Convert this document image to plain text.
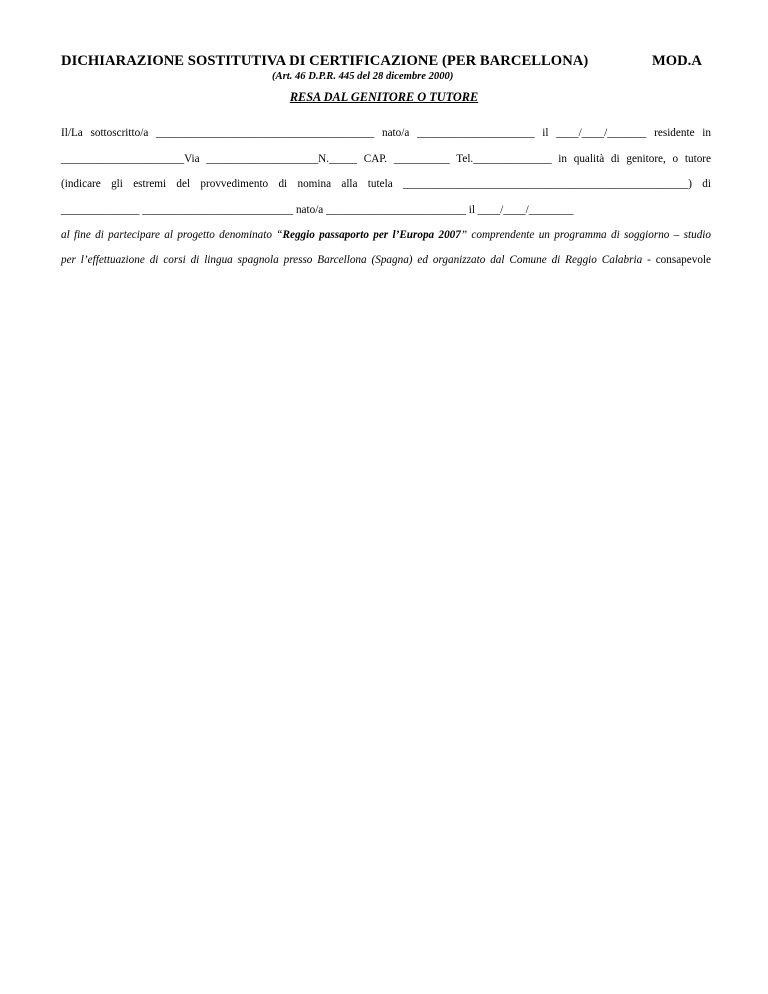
DICHIARAZIONE SOSTITUTIVA DI CERTIFICAZIONE (PER BARCELLONA)	MOD.A
(Art. 46 D.P.R. 445 del 28 dicembre 2000)
RESA DAL GENITORE O TUTORE
Il/La sottoscritto/a _______________________________________ nato/a _____________________ il ____/____/_______ residente in
______________________Via ____________________N._____ CAP. __________ Tel.______________ in qualità di genitore, o tutore
(indicare gli estremi del provvedimento di nomina alla tutela ___________________________________________________) di
______________ ___________________________ nato/a _________________________ il ____/____/________
al fine di partecipare al progetto denominato “Reggio passaporto per l’Europa 2007” comprendente un programma di soggiorno – studio
per l’effettuazione di corsi di lingua spagnola presso Barcellona (Spagna) ed organizzato dal Comune di Reggio Calabria - consapevole
